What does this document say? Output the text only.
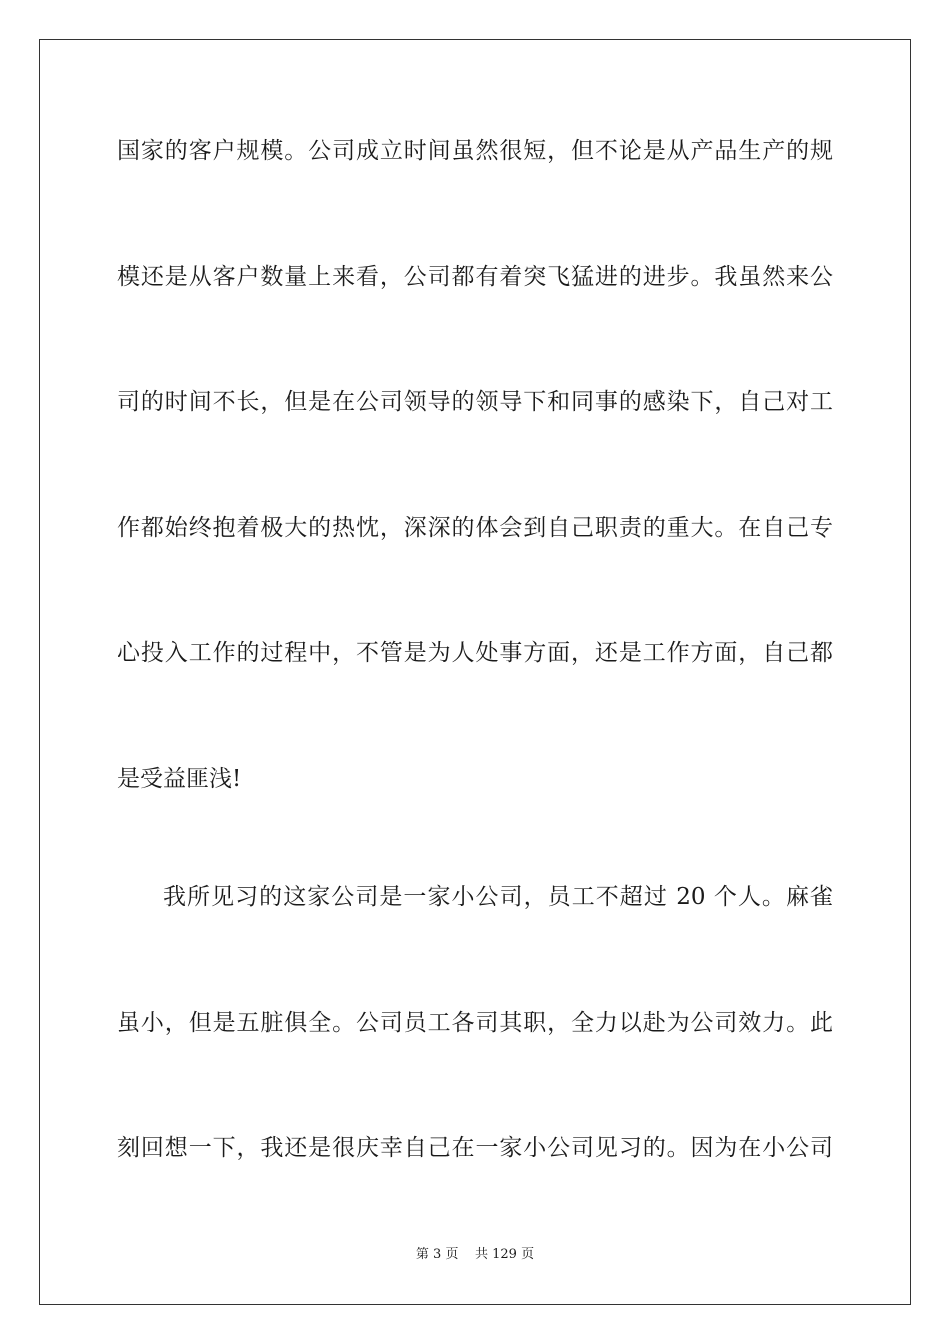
国家的客户规模。公司成立时间虽然很短，但不论是从产品生产的规
模还是从客户数量上来看，公司都有着突飞猛进的进步。我虽然来公
司的时间不长，但是在公司领导的领导下和同事的感染下，自己对工
作都始终抱着极大的热忱，深深的体会到自己职责的重大。在自己专
心投入工作的过程中，不管是为人处事方面，还是工作方面，自己都
是受益匪浅!
我所见习的这家公司是一家小公司，员工不超过 20 个人。麻雀
虽小，但是五脏俱全。公司员工各司其职，全力以赴为公司效力。此
刻回想一下，我还是很庆幸自己在一家小公司见习的。因为在小公司
第 3 页 共 129 页
